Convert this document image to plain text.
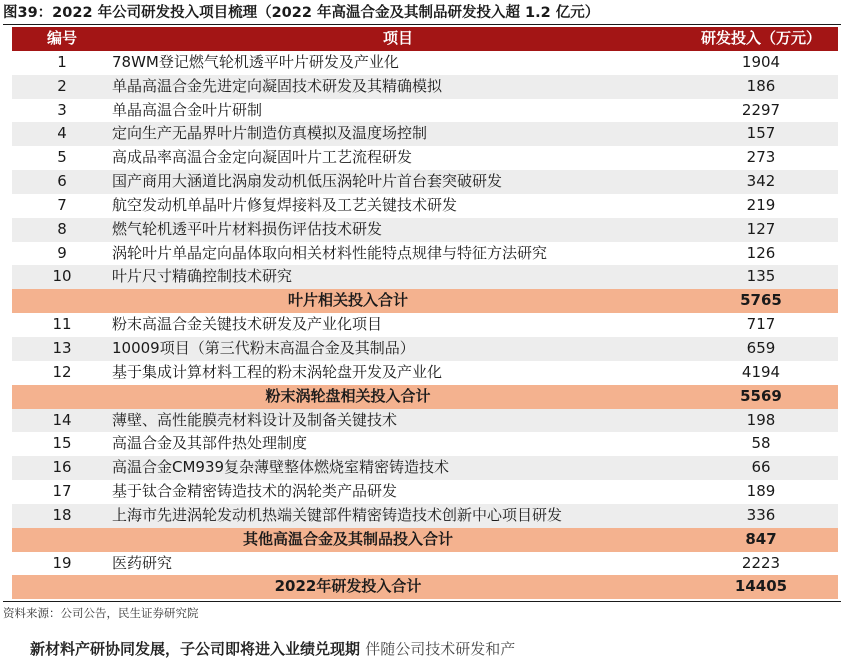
图39：2022 年公司研发投入项目梳理（2022 年高温合金及其制品研发投入超 1.2 亿元）
编号	项目	研发投入（万元）
1	78WM登记燃气轮机透平叶片研发及产业化	1904
2	单晶高温合金先进定向凝固技术研发及其精确模拟	186
3	单晶高温合金叶片研制	2297
4	定向生产无晶界叶片制造仿真模拟及温度场控制	157
5	高成品率高温合金定向凝固叶片工艺流程研发	273
6	国产商用大涵道比涡扇发动机低压涡轮叶片首台套突破研发	342
7	航空发动机单晶叶片修复焊接料及工艺关键技术研发	219
8	燃气轮机透平叶片材料损伤评估技术研发	127
9	涡轮叶片单晶定向晶体取向相关材料性能特点规律与特征方法研究	126
10	叶片尺寸精确控制技术研究	135
叶片相关投入合计		5765
11	粉末高温合金关键技术研发及产业化项目	717
13	10009项目（第三代粉末高温合金及其制品）	659
12	基于集成计算材料工程的粉末涡轮盘开发及产业化	4194
粉末涡轮盘相关投入合计		5569
14	薄壁、高性能膜壳材料设计及制备关键技术	198
15	高温合金及其部件热处理制度	58
16	高温合金CM939复杂薄壁整体燃烧室精密铸造技术	66
17	基于钛合金精密铸造技术的涡轮类产品研发	189
18	上海市先进涡轮发动机热端关键部件精密铸造技术创新中心项目研发	336
其他高温合金及其制品投入合计		847
19	医药研究	2223
2022年研发投入合计		14405
资料来源：公司公告，民生证券研究院
新材料产研协同发展，子公司即将进入业绩兑现期 伴随公司技术研发和产
